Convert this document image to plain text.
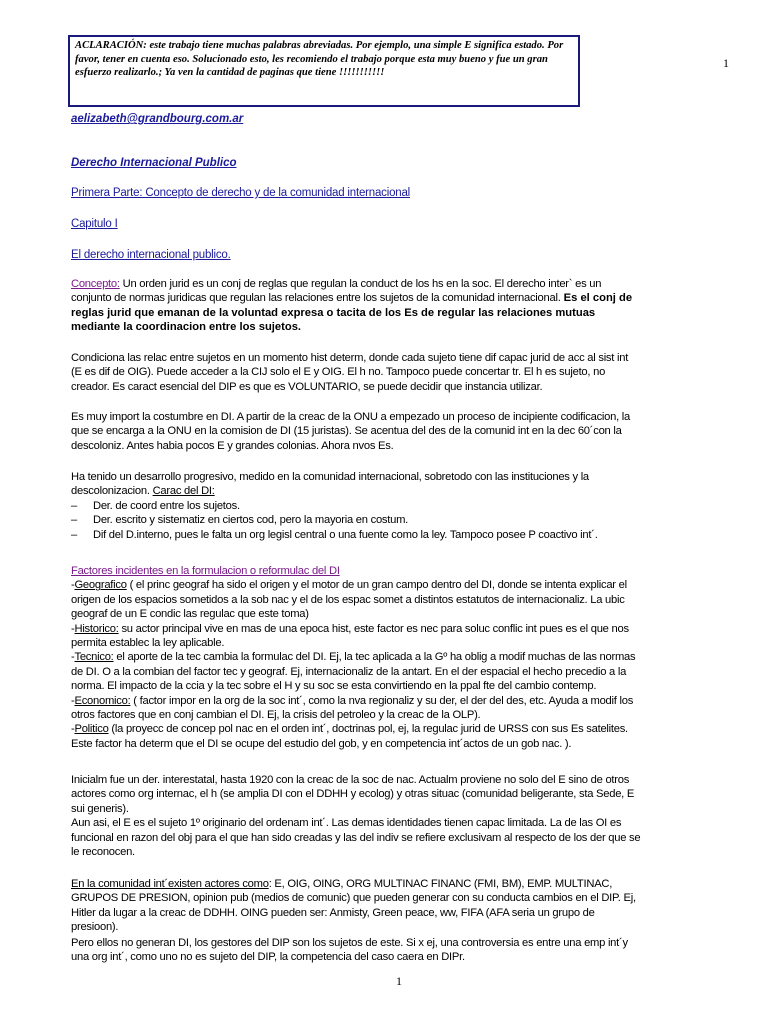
ACLARACIÓN: este trabajo tiene muchas palabras abreviadas. Por ejemplo, una simple E significa estado. Por favor, tener en cuenta eso. Solucionado esto, les recomiendo el trabajo porque esta muy bueno y fue un gran esfuerzo realizarlo.; Ya ven la cantidad de paginas que tiene !!!!!!!!!!!
1
aelizabeth@grandbourg.com.ar
Derecho Internacional Publico
Primera Parte: Concepto de derecho y de la comunidad internacional
Capitulo I
El derecho internacional publico.

Concepto: Un orden jurid es un conj de reglas que regulan la conduct de los hs en la soc. El derecho inter` es un conjunto de normas juridicas que regulan las relaciones entre los sujetos de la comunidad internacional. Es el conj de reglas jurid que emanan de la voluntad expresa o tacita de los Es de regular las relaciones mutuas mediante la coordinacion entre los sujetos.

Condiciona las relac entre sujetos en un momento hist determ, donde cada sujeto tiene dif capac jurid de acc al sist int (E es dif de OIG). Puede acceder a la CIJ solo el E y OIG. El h no. Tampoco puede concertar tr. El h es sujeto, no creador. Es caract esencial del DIP es que es VOLUNTARIO, se puede decidir que instancia utilizar.

Es muy import la costumbre en DI. A partir de la creac de la ONU a empezado un proceso de incipiente codificacion, la que se encarga a la ONU en la comision de DI (15 juristas). Se acentua del des de la comunid int en la dec 60´con la descoloniz. Antes habia pocos E y grandes colonias. Ahora nvos Es.

Ha tenido un desarrollo progresivo, medido en la comunidad internacional, sobretodo con las instituciones y la descolonizacion. Carac del DI:

– Der. de coord entre los sujetos.
– Der. escrito y sistematiz en ciertos cod, pero la mayoria en costum.
– Dif del D.interno, pues le falta un org legisl central o una fuente como la ley. Tampoco posee P coactivo int´.

Factores incidentes en la formulacion o reformulac del DI

-Geografico ( el princ geograf ha sido el origen y el motor de un gran campo dentro del DI, donde se intenta explicar el origen de los espacios sometidos a la sob nac y el de los espac somet a distintos estatutos de internacionaliz. La ubic geograf de un E condic las regulac que este toma)

-Historico: su actor principal vive en mas de una epoca hist, este factor es nec para soluc conflic int pues es el que nos permita establec la ley aplicable.

-Tecnico: el aporte de la tec cambia la formulac del DI. Ej, la tec aplicada a la Gº ha oblig a modif muchas de las normas de DI. O a la combian del factor tec y geograf. Ej, internacionaliz de la antart. En el der espacial el hecho precedio a la norma. El impacto de la ccia y la tec sobre el H y su soc se esta convirtiendo en la ppal fte del cambio contemp.

-Economico: ( factor impor en la org de la soc int´, como la nva regionaliz y su der, el der del des, etc. Ayuda a modif los otros factores que en conj cambian el DI. Ej, la crisis del petroleo y la creac de la OLP).

-Politico (la proyecc de concep pol nac en el orden int´, doctrinas pol, ej, la regulac jurid de URSS con sus Es satelites. Este factor ha determ que el DI se ocupe del estudio del gob, y en competencia int´actos de un gob nac. ).

Inicialm fue un der. interestatal, hasta 1920 con la creac de la soc de nac. Actualm proviene no solo del E sino de otros actores como org internac, el h (se amplia DI con el DDHH y ecolog) y otras situac (comunidad beligerante, sta Sede, E sui generis).

Aun asi, el E es el sujeto 1º originario del ordenam int´. Las demas identidades tienen capac limitada. La de las OI es funcional en razon del obj para el que han sido creadas y las del indiv se refiere exclusivam al respecto de los der que se le reconocen.

En la comunidad int´existen actores como: E, OIG, OING, ORG MULTINAC FINANC (FMI, BM), EMP. MULTINAC, GRUPOS DE PRESION, opinion pub (medios de comunic) que pueden generar con su conducta cambios en el DIP. Ej, Hitler da lugar a la creac de DDHH. OING pueden ser: Anmisty, Green peace, ww, FIFA (AFA seria un grupo de presioon).

Pero ellos no generan DI, los gestores del DIP son los sujetos de este. Si x ej, una controversia es entre una emp int´y una org int´, como uno no es sujeto del DIP, la competencia del caso caera en DIPr.

1
